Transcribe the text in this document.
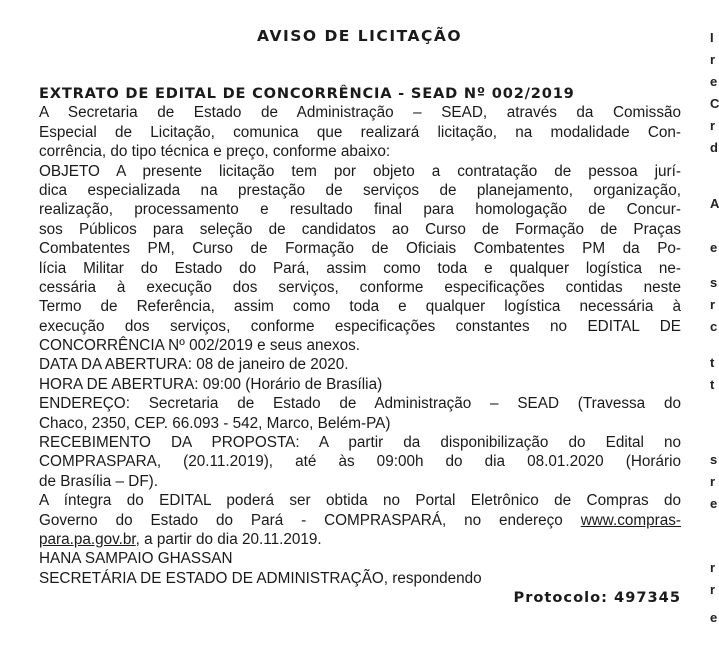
AVISO DE LICITAÇÃO
EXTRATO DE EDITAL DE CONCORRÊNCIA - SEAD Nº 002/2019
A Secretaria de Estado de Administração – SEAD, através da Comissão
Especial de Licitação, comunica que realizará licitação, na modalidade Con-
corrência, do tipo técnica e preço, conforme abaixo:
OBJETO A presente licitação tem por objeto a contratação de pessoa jurí-
dica especializada na prestação de serviços de planejamento, organização,
realização, processamento e resultado final para homologação de Concur-
sos Públicos para seleção de candidatos ao Curso de Formação de Praças
Combatentes PM, Curso de Formação de Oficiais Combatentes PM da Po-
lícia Militar do Estado do Pará, assim como toda e qualquer logística ne-
cessária à execução dos serviços, conforme especificações contidas neste
Termo de Referência, assim como toda e qualquer logística necessária à
execução dos serviços, conforme especificações constantes no EDITAL DE
CONCORRÊNCIA Nº 002/2019 e seus anexos.
DATA DA ABERTURA: 08 de janeiro de 2020.
HORA DE ABERTURA: 09:00 (Horário de Brasília)
ENDEREÇO: Secretaria de Estado de Administração – SEAD (Travessa do
Chaco, 2350, CEP. 66.093 - 542, Marco, Belém-PA)
RECEBIMENTO DA PROPOSTA: A partir da disponibilização do Edital no
COMPRASPARA, (20.11.2019), até às 09:00h do dia 08.01.2020 (Horário
de Brasília – DF).
A íntegra do EDITAL poderá ser obtida no Portal Eletrônico de Compras do
Governo do Estado do Pará - COMPRASPARÁ, no endereço www.compras-
para.pa.gov.br, a partir do dia 20.11.2019.
HANA SAMPAIO GHASSAN
SECRETÁRIA DE ESTADO DE ADMINISTRAÇÃO, respondendo
Protocolo: 497345
I
r
e
C
r
d
A
e
s
r
c
t
t
s
r
e
r
r
e
